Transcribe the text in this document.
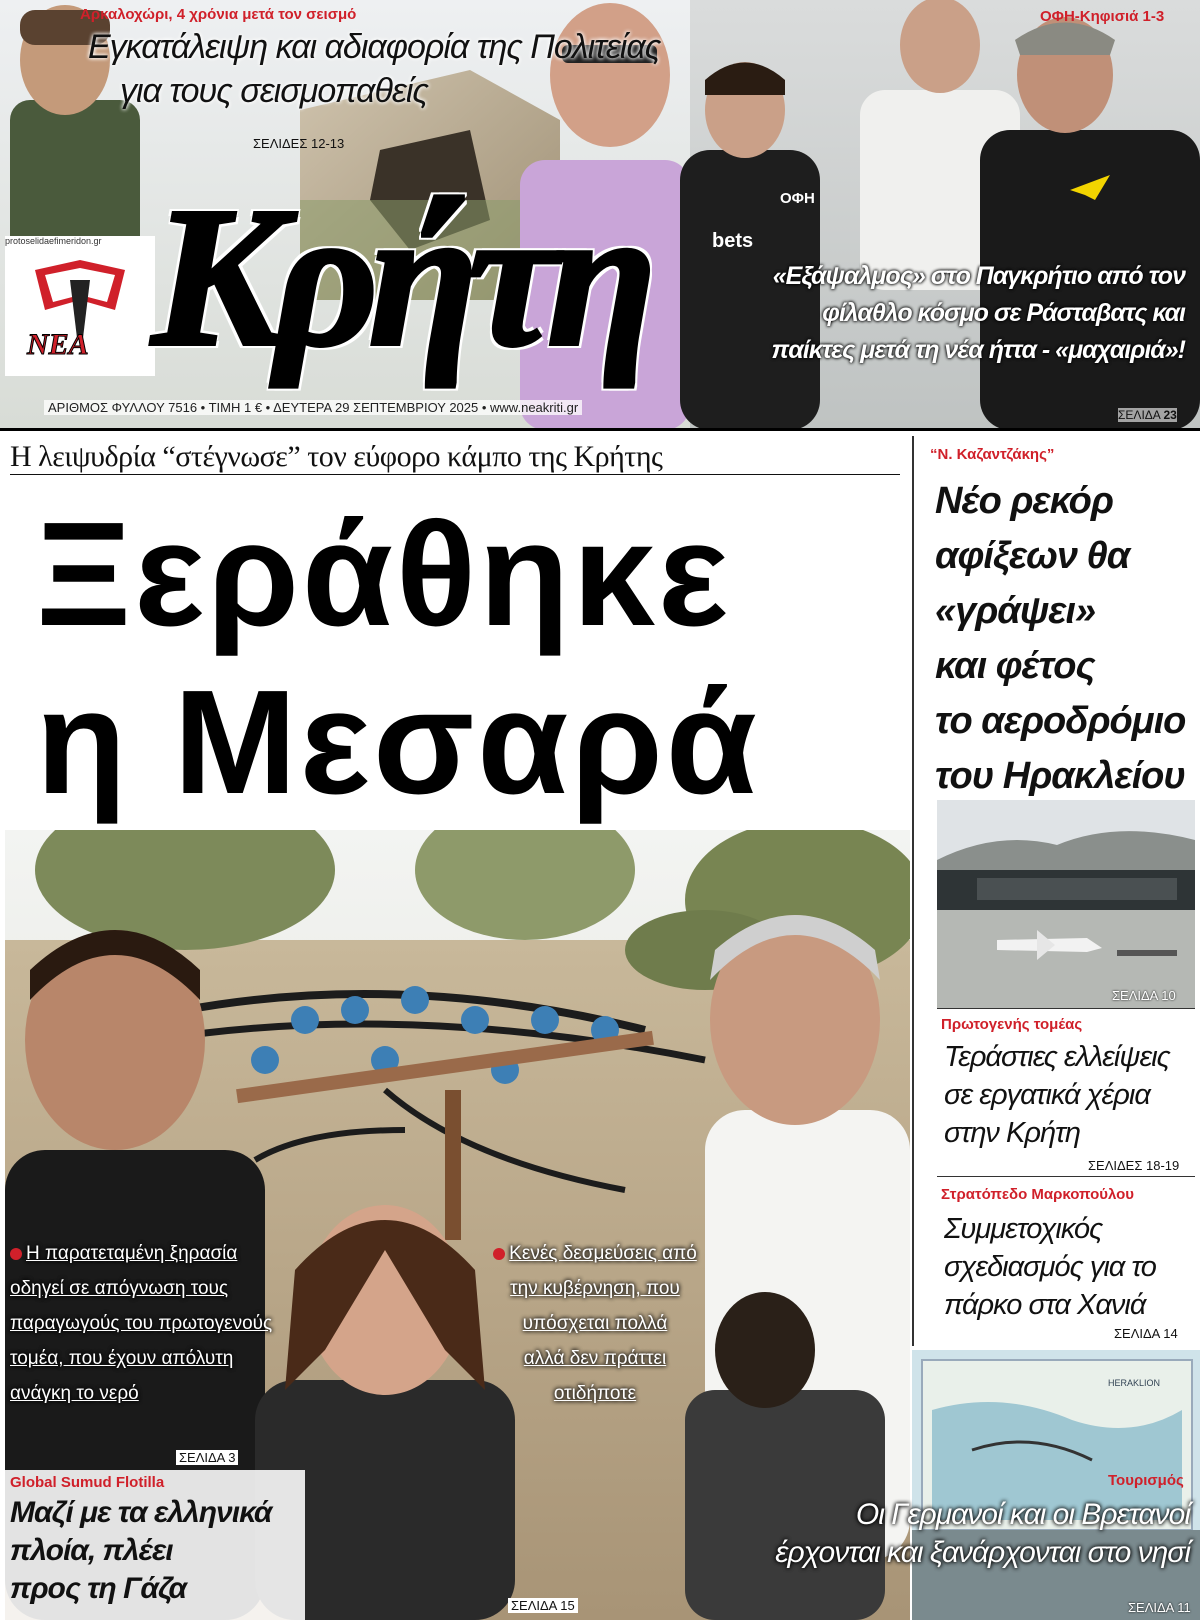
Αρκαλοχώρι, 4 χρόνια μετά τον σεισμό
Εγκατάλειψη και αδιαφορία της Πολιτείας
για τους σεισμοπαθείς
ΣΕΛΙΔΕΣ 12-13
ΟΦΗ-Κηφισιά 1-3
ΟΦΗ
bets
protoselidaefimeridon.gr
ΝΕΑ Κρήτη	«Εξάψαλμος» στο Παγκρήτιο από τον
φίλαθλο κόσμο σε Ράσταβατς και
παίκτες μετά τη νέα ήττα - «μαχαιριά»!
ΣΕΛΙΔΑ 23
ΑΡΙΘΜΟΣ ΦΥΛΛΟΥ 7516 • ΤΙΜΗ 1 € • ΔΕΥΤΕΡΑ 29 ΣΕΠΤΕΜΒΡΙΟΥ 2025 • www.neakriti.gr
Η λειψυδρία “στέγνωσε” τον εύφορο κάμπο της Κρήτης
Ξεράθηκε
η Μεσαρά
Η παρατεταμένη ξηρασία
οδηγεί σε απόγνωση τους
παραγωγούς του πρωτογενούς
τομέα, που έχουν απόλυτη
ανάγκη το νερό
ΣΕΛΙΔΑ 3
Κενές δεσμεύσεις από
την κυβέρνηση, που
υπόσχεται πολλά
αλλά δεν πράττει
οτιδήποτε
Global Sumud Flotilla
Μαζί με τα ελληνικά
πλοία, πλέει
προς τη Γάζα
ΣΕΛΙΔΑ 15
“Ν. Καζαντζάκης”
Νέο ρεκόρ
αφίξεων θα
«γράψει»
και φέτος
το αεροδρόμιο
του Ηρακλείου
ΣΕΛΙΔΑ 10
Πρωτογενής τομέας
Τεράστιες ελλείψεις
σε εργατικά χέρια
στην Κρήτη
ΣΕΛΙΔΕΣ 18-19
Στρατόπεδο Μαρκοπούλου
Συμμετοχικός
σχεδιασμός για το
πάρκο στα Χανιά
ΣΕΛΙΔΑ 14
HERAKLION
Τουρισμός
Οι Γερμανοί και οι Βρετανοί
έρχονται και ξανάρχονται στο νησί
ΣΕΛΙΔΑ 11
